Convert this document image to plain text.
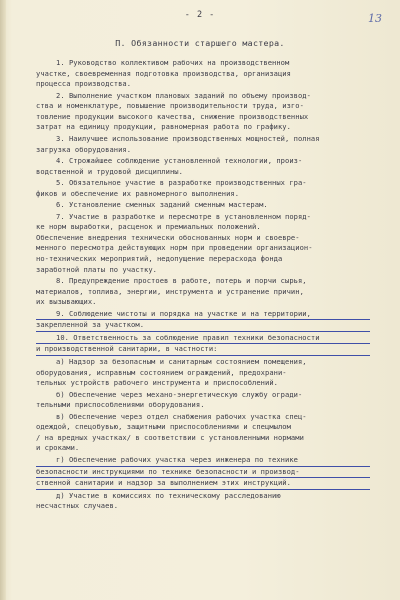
- 2 -	13
П. Обязанности старшего мастера.
1. Руководство коллективом рабочих на производственном
участке, своевременная подготовка производства, организация
процесса производства.
2. Выполнение участком плановых заданий по объему производ-
ства и номенклатуре, повышение производительности труда, изго-
товление продукции высокого качества, снижение производственных
затрат на единицу продукции, равномерная работа по графику.
3. Наилучшее использование производственных мощностей, полная
загрузка оборудования.
4. Строжайшее соблюдение установленной технологии, произ-
водственной и трудовой дисциплины.
5. Обязательное участие в разработке производственных гра-
фиков и обеспечение их равномерного выполнения.
6. Установление сменных заданий сменным мастерам.
7. Участие в разработке и пересмотре в установленном поряд-
ке норм выработки, расценок и премиальных положений.
Обеспечение внедрения технически обоснованных норм и своевре-
менного пересмотра действующих норм при проведении организацион-
но-технических мероприятий, недопущение перерасхода фонда
заработной платы по участку.
8. Предупреждение простоев в работе, потерь и порчи сырья,
материалов, топлива, энергии, инструмента и устранение причин,
их вызывающих.
9. Соблюдение чистоты и порядка на участке и на территории,
закрепленной за участком.
10. Ответственность за соблюдение правил техники безопасности
и производственной санитарии, в частности:
а) Надзор за безопасным и санитарным состоянием помещения,
оборудования, исправным состоянием ограждений, предохрани-
тельных устройств рабочего инструмента и приспособлений.
б) Обеспечение через механо-энергетическую службу огради-
тельными приспособлениями оборудования.
в) Обеспечение через отдел снабжения рабочих участка спец-
одеждой, спецобувью, защитными приспособлениями и спецмылом
/ на вредных участках/ в соответствии с установленными нормами
и сроками.
г) Обеспечение рабочих участка через инженера по технике
безопасности инструкциями по технике безопасности и производ-
ственной санитарии и надзор за выполнением этих инструкций.
д) Участие в комиссиях по техническому расследованию
несчастных случаев.
